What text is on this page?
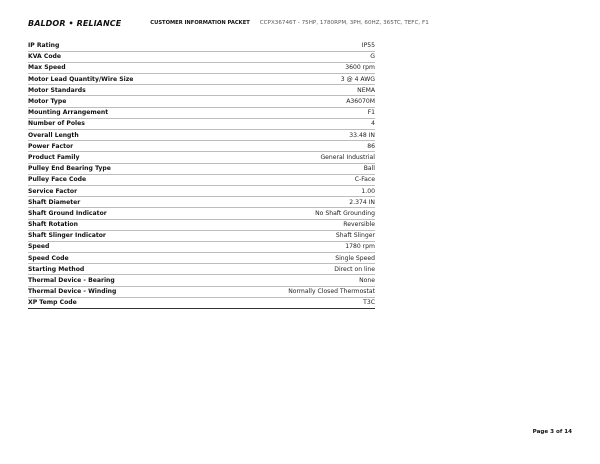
BALDOR • RELIANCE	CUSTOMER INFORMATION PACKET CCPX36746T - 75HP, 1780RPM, 3PH, 60HZ, 365TC, TEFC, F1
IP Rating	IP55
KVA Code	G
Max Speed	3600 rpm
Motor Lead Quantity/Wire Size	3 @ 4 AWG
Motor Standards	NEMA
Motor Type	A36070M
Mounting Arrangement	F1
Number of Poles	4
Overall Length	33.48 IN
Power Factor	86
Product Family	General Industrial
Pulley End Bearing Type	Ball
Pulley Face Code	C-Face
Service Factor	1.00
Shaft Diameter	2.374 IN
Shaft Ground Indicator	No Shaft Grounding
Shaft Rotation	Reversible
Shaft Slinger Indicator	Shaft Slinger
Speed	1780 rpm
Speed Code	Single Speed
Starting Method	Direct on line
Thermal Device - Bearing	None
Thermal Device - Winding	Normally Closed Thermostat
XP Temp Code	T3C
Page 3 of 14
